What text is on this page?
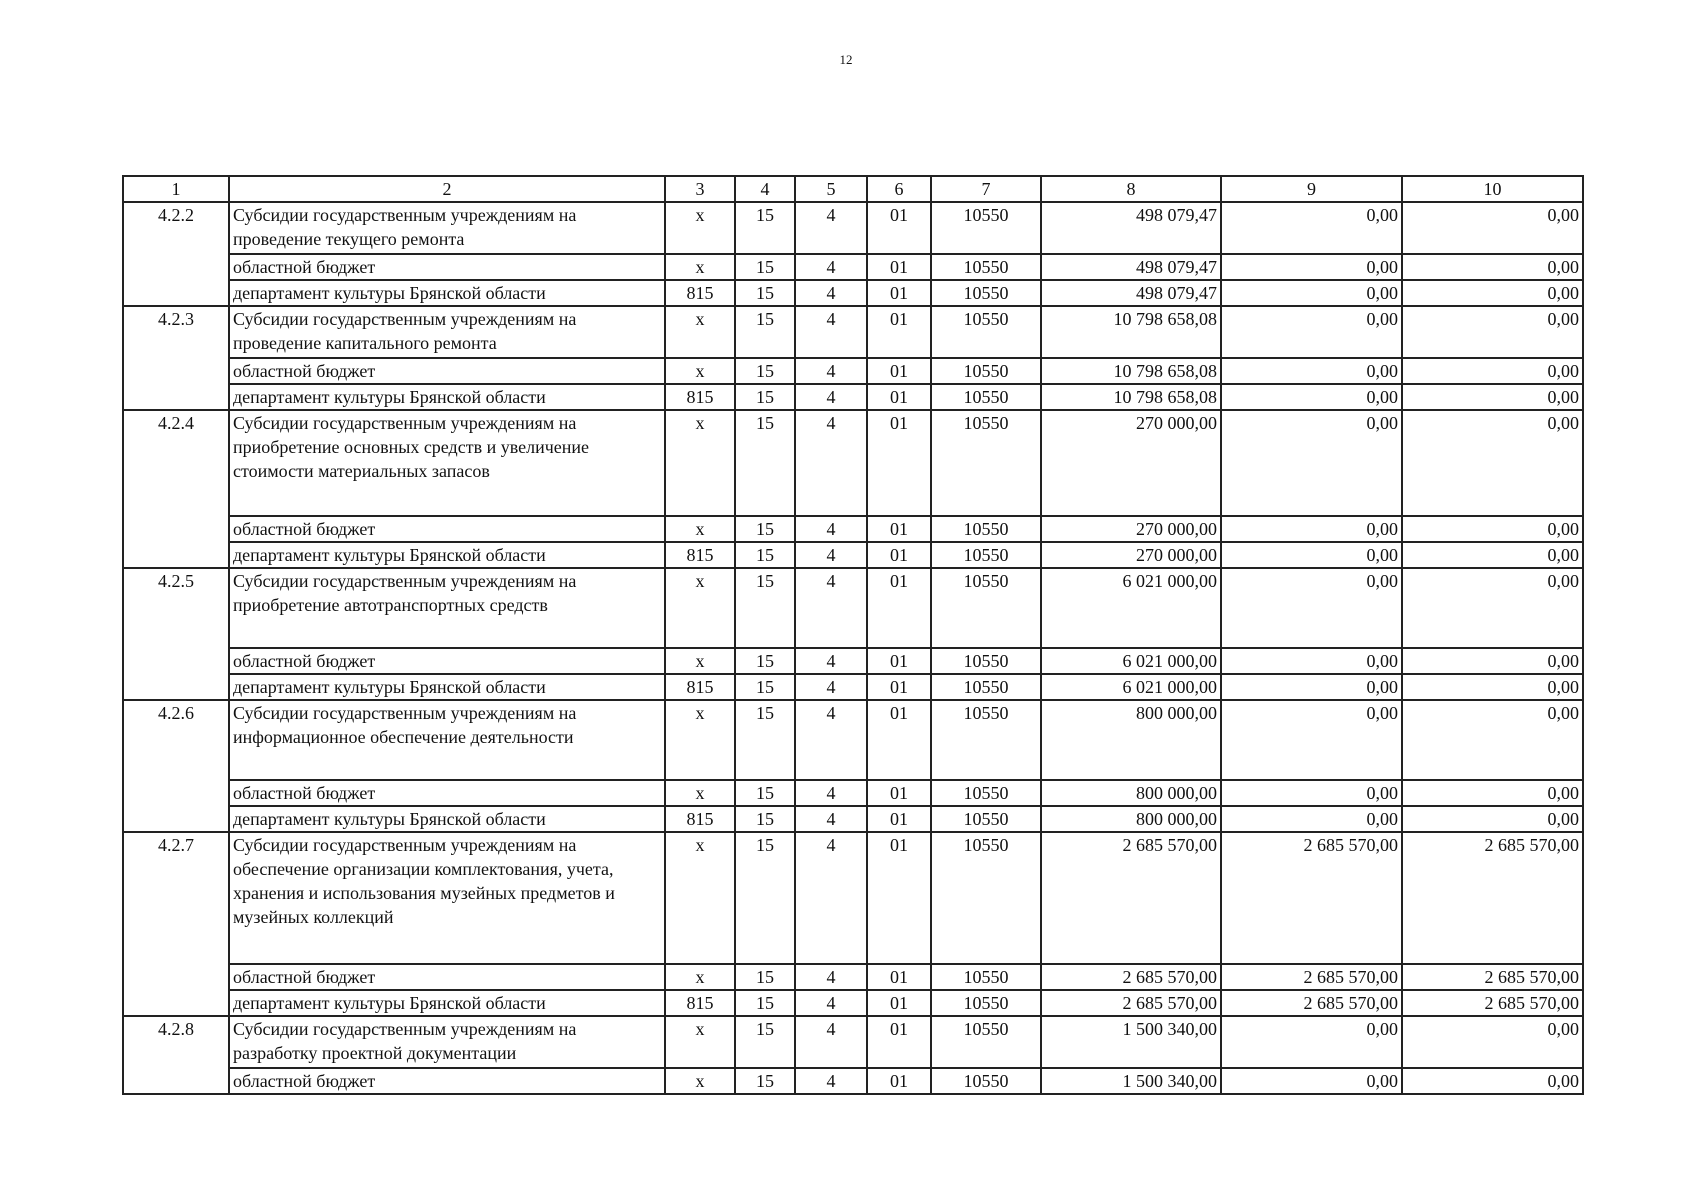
12
1	2	3	4	5	6	7	8	9	10
4.2.2	Субсидии государственным учреждениям на проведение текущего ремонта	х	15	4	01	10550	498 079,47	0,00	0,00
	областной бюджет	х	15	4	01	10550	498 079,47	0,00	0,00
	департамент культуры Брянской области	815	15	4	01	10550	498 079,47	0,00	0,00
4.2.3	Субсидии государственным учреждениям на проведение капитального ремонта	х	15	4	01	10550	10 798 658,08	0,00	0,00
	областной бюджет	х	15	4	01	10550	10 798 658,08	0,00	0,00
	департамент культуры Брянской области	815	15	4	01	10550	10 798 658,08	0,00	0,00
4.2.4	Субсидии государственным учреждениям на приобретение основных средств и увеличение стоимости материальных запасов	х	15	4	01	10550	270 000,00	0,00	0,00
	областной бюджет	х	15	4	01	10550	270 000,00	0,00	0,00
	департамент культуры Брянской области	815	15	4	01	10550	270 000,00	0,00	0,00
4.2.5	Субсидии государственным учреждениям на приобретение автотранспортных средств	х	15	4	01	10550	6 021 000,00	0,00	0,00
	областной бюджет	х	15	4	01	10550	6 021 000,00	0,00	0,00
	департамент культуры Брянской области	815	15	4	01	10550	6 021 000,00	0,00	0,00
4.2.6	Субсидии государственным учреждениям на информационное обеспечение деятельности	х	15	4	01	10550	800 000,00	0,00	0,00
	областной бюджет	х	15	4	01	10550	800 000,00	0,00	0,00
	департамент культуры Брянской области	815	15	4	01	10550	800 000,00	0,00	0,00
4.2.7	Субсидии государственным учреждениям на обеспечение организации комплектования, учета, хранения и использования музейных предметов и музейных коллекций	х	15	4	01	10550	2 685 570,00	2 685 570,00	2 685 570,00
	областной бюджет	х	15	4	01	10550	2 685 570,00	2 685 570,00	2 685 570,00
	департамент культуры Брянской области	815	15	4	01	10550	2 685 570,00	2 685 570,00	2 685 570,00
4.2.8	Субсидии государственным учреждениям на разработку проектной документации	х	15	4	01	10550	1 500 340,00	0,00	0,00
	областной бюджет	х	15	4	01	10550	1 500 340,00	0,00	0,00
